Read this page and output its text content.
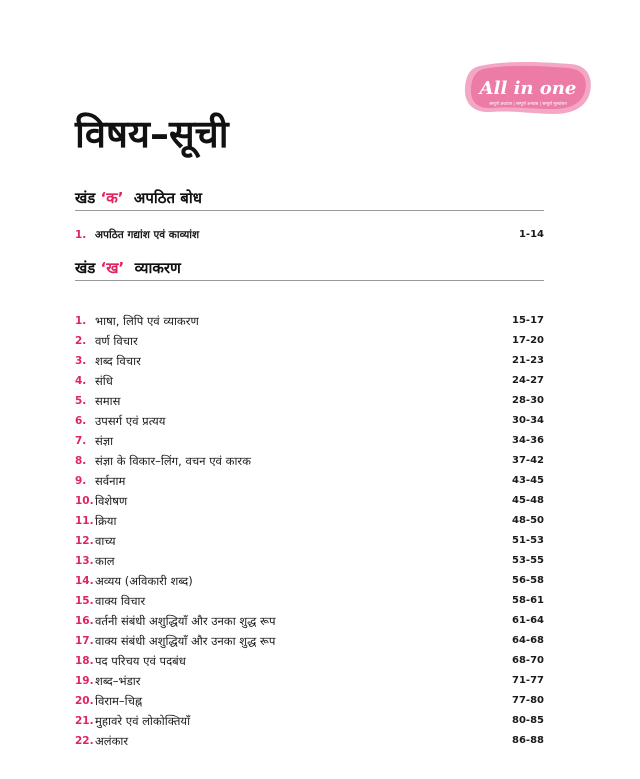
All in one
सम्पूर्ण अध्ययन | सम्पूर्ण अभ्यास | सम्पूर्ण मूल्यांकन
विषय–सूची
खंड ‘क’ अपठित बोध
1. अपठित गद्यांश एवं काव्यांश	1-14
खंड ‘ख’ व्याकरण
1. भाषा, लिपि एवं व्याकरण	15-17
2. वर्ण विचार	17-20
3. शब्द विचार	21-23
4. संधि	24-27
5. समास	28-30
6. उपसर्ग एवं प्रत्यय	30-34
7. संज्ञा	34-36
8. संज्ञा के विकार–लिंग, वचन एवं कारक	37-42
9. सर्वनाम	43-45
10. विशेषण	45-48
11. क्रिया	48-50
12. वाच्य	51-53
13. काल	53-55
14. अव्यय (अविकारी शब्द)	56-58
15. वाक्य विचार	58-61
16. वर्तनी संबंधी अशुद्धियाँ और उनका शुद्ध रूप	61-64
17. वाक्य संबंधी अशुद्धियाँ और उनका शुद्ध रूप	64-68
18. पद परिचय एवं पदबंध	68-70
19. शब्द–भंडार	71-77
20. विराम–चिह्न	77-80
21. मुहावरे एवं लोकोक्तियाँ	80-85
22. अलंकार	86-88
